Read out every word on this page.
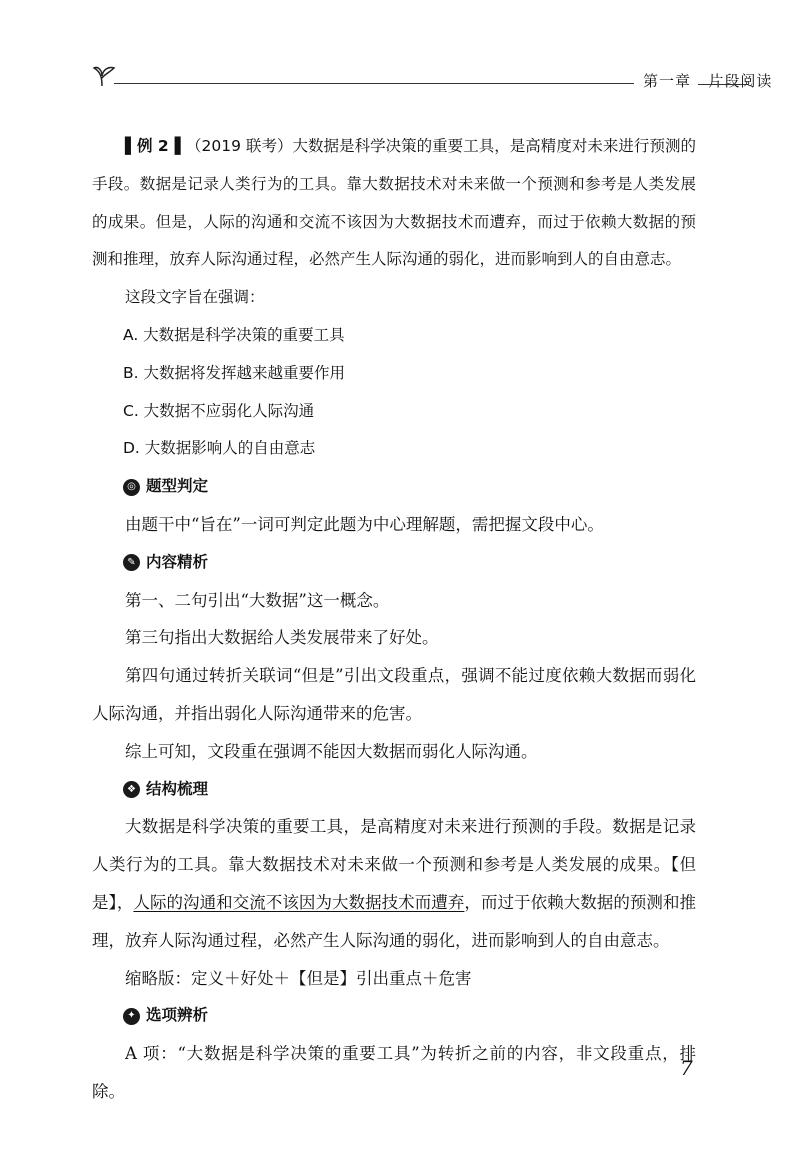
第一章 片段阅读

▌例 2▐ （2019 联考）大数据是科学决策的重要工具，是高精度对未来进行预测的手段。数据是记录人类行为的工具。靠大数据技术对未来做一个预测和参考是人类发展的成果。但是，人际的沟通和交流不该因为大数据技术而遭弃，而过于依赖大数据的预测和推理，放弃人际沟通过程，必然产生人际沟通的弱化，进而影响到人的自由意志。

这段文字旨在强调：

A. 大数据是科学决策的重要工具

B. 大数据将发挥越来越重要作用

C. 大数据不应弱化人际沟通

D. 大数据影响人的自由意志

◎ 题型判定

由题干中“旨在”一词可判定此题为中心理解题，需把握文段中心。

✎ 内容精析

第一、二句引出“大数据”这一概念。

第三句指出大数据给人类发展带来了好处。

第四句通过转折关联词“但是”引出文段重点，强调不能过度依赖大数据而弱化人际沟通，并指出弱化人际沟通带来的危害。

综上可知，文段重在强调不能因大数据而弱化人际沟通。

❖ 结构梳理

大数据是科学决策的重要工具，是高精度对未来进行预测的手段。数据是记录人类行为的工具。靠大数据技术对未来做一个预测和参考是人类发展的成果。【但是】，人际的沟通和交流不该因为大数据技术而遭弃，而过于依赖大数据的预测和推理，放弃人际沟通过程，必然产生人际沟通的弱化，进而影响到人的自由意志。

缩略版：定义＋好处＋【但是】引出重点＋危害

✦ 选项辨析

A 项：“大数据是科学决策的重要工具”为转折之前的内容，非文段重点，排除。

7
